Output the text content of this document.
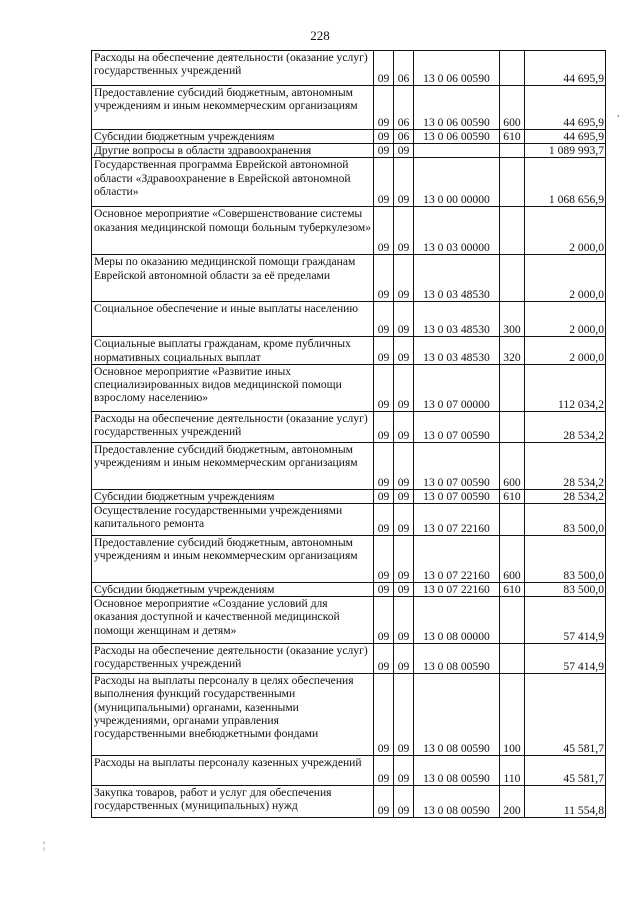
228
Расходы на обеспечение деятельности (оказание услуг) государственных учреждений	09	06	13 0 06 00590		44 695,9
Предоставление субсидий бюджетным, автономным учреждениям и иным некоммерческим организациям	09	06	13 0 06 00590	600	44 695,9
Субсидии бюджетным учреждениям	09	06	13 0 06 00590	610	44 695,9
Другие вопросы в области здравоохранения	09	09			1 089 993,7
Государственная программа Еврейской автономной области «Здравоохранение в Еврейской автономной области»	09	09	13 0 00 00000		1 068 656,9
Основное мероприятие «Совершенствование системы оказания медицинской помощи больным туберкулезом»	09	09	13 0 03 00000		2 000,0
Меры по оказанию медицинской помощи гражданам Еврейской автономной области за её пределами	09	09	13 0 03 48530		2 000,0
Социальное обеспечение и иные выплаты населению	09	09	13 0 03 48530	300	2 000,0
Социальные выплаты гражданам, кроме публичных нормативных социальных выплат	09	09	13 0 03 48530	320	2 000,0
Основное мероприятие «Развитие иных специализированных видов медицинской помощи взрослому населению»	09	09	13 0 07 00000		112 034,2
Расходы на обеспечение деятельности (оказание услуг) государственных учреждений	09	09	13 0 07 00590		28 534,2
Предоставление субсидий бюджетным, автономным учреждениям и иным некоммерческим организациям	09	09	13 0 07 00590	600	28 534,2
Субсидии бюджетным учреждениям	09	09	13 0 07 00590	610	28 534,2
Осуществление государственными учреждениями капитального ремонта	09	09	13 0 07 22160		83 500,0
Предоставление субсидий бюджетным, автономным учреждениям и иным некоммерческим организациям	09	09	13 0 07 22160	600	83 500,0
Субсидии бюджетным учреждениям	09	09	13 0 07 22160	610	83 500,0
Основное мероприятие «Создание условий для оказания доступной и качественной медицинской помощи женщинам и детям»	09	09	13 0 08 00000		57 414,9
Расходы на обеспечение деятельности (оказание услуг) государственных учреждений	09	09	13 0 08 00590		57 414,9
Расходы на выплаты персоналу в целях обеспечения выполнения функций государственными (муниципальными) органами, казенными учреждениями, органами управления государственными внебюджетными фондами	09	09	13 0 08 00590	100	45 581,7
Расходы на выплаты персоналу казенных учреждений	09	09	13 0 08 00590	110	45 581,7
Закупка товаров, работ и услуг для обеспечения государственных (муниципальных) нужд	09	09	13 0 08 00590	200	11 554,8
,
¦
